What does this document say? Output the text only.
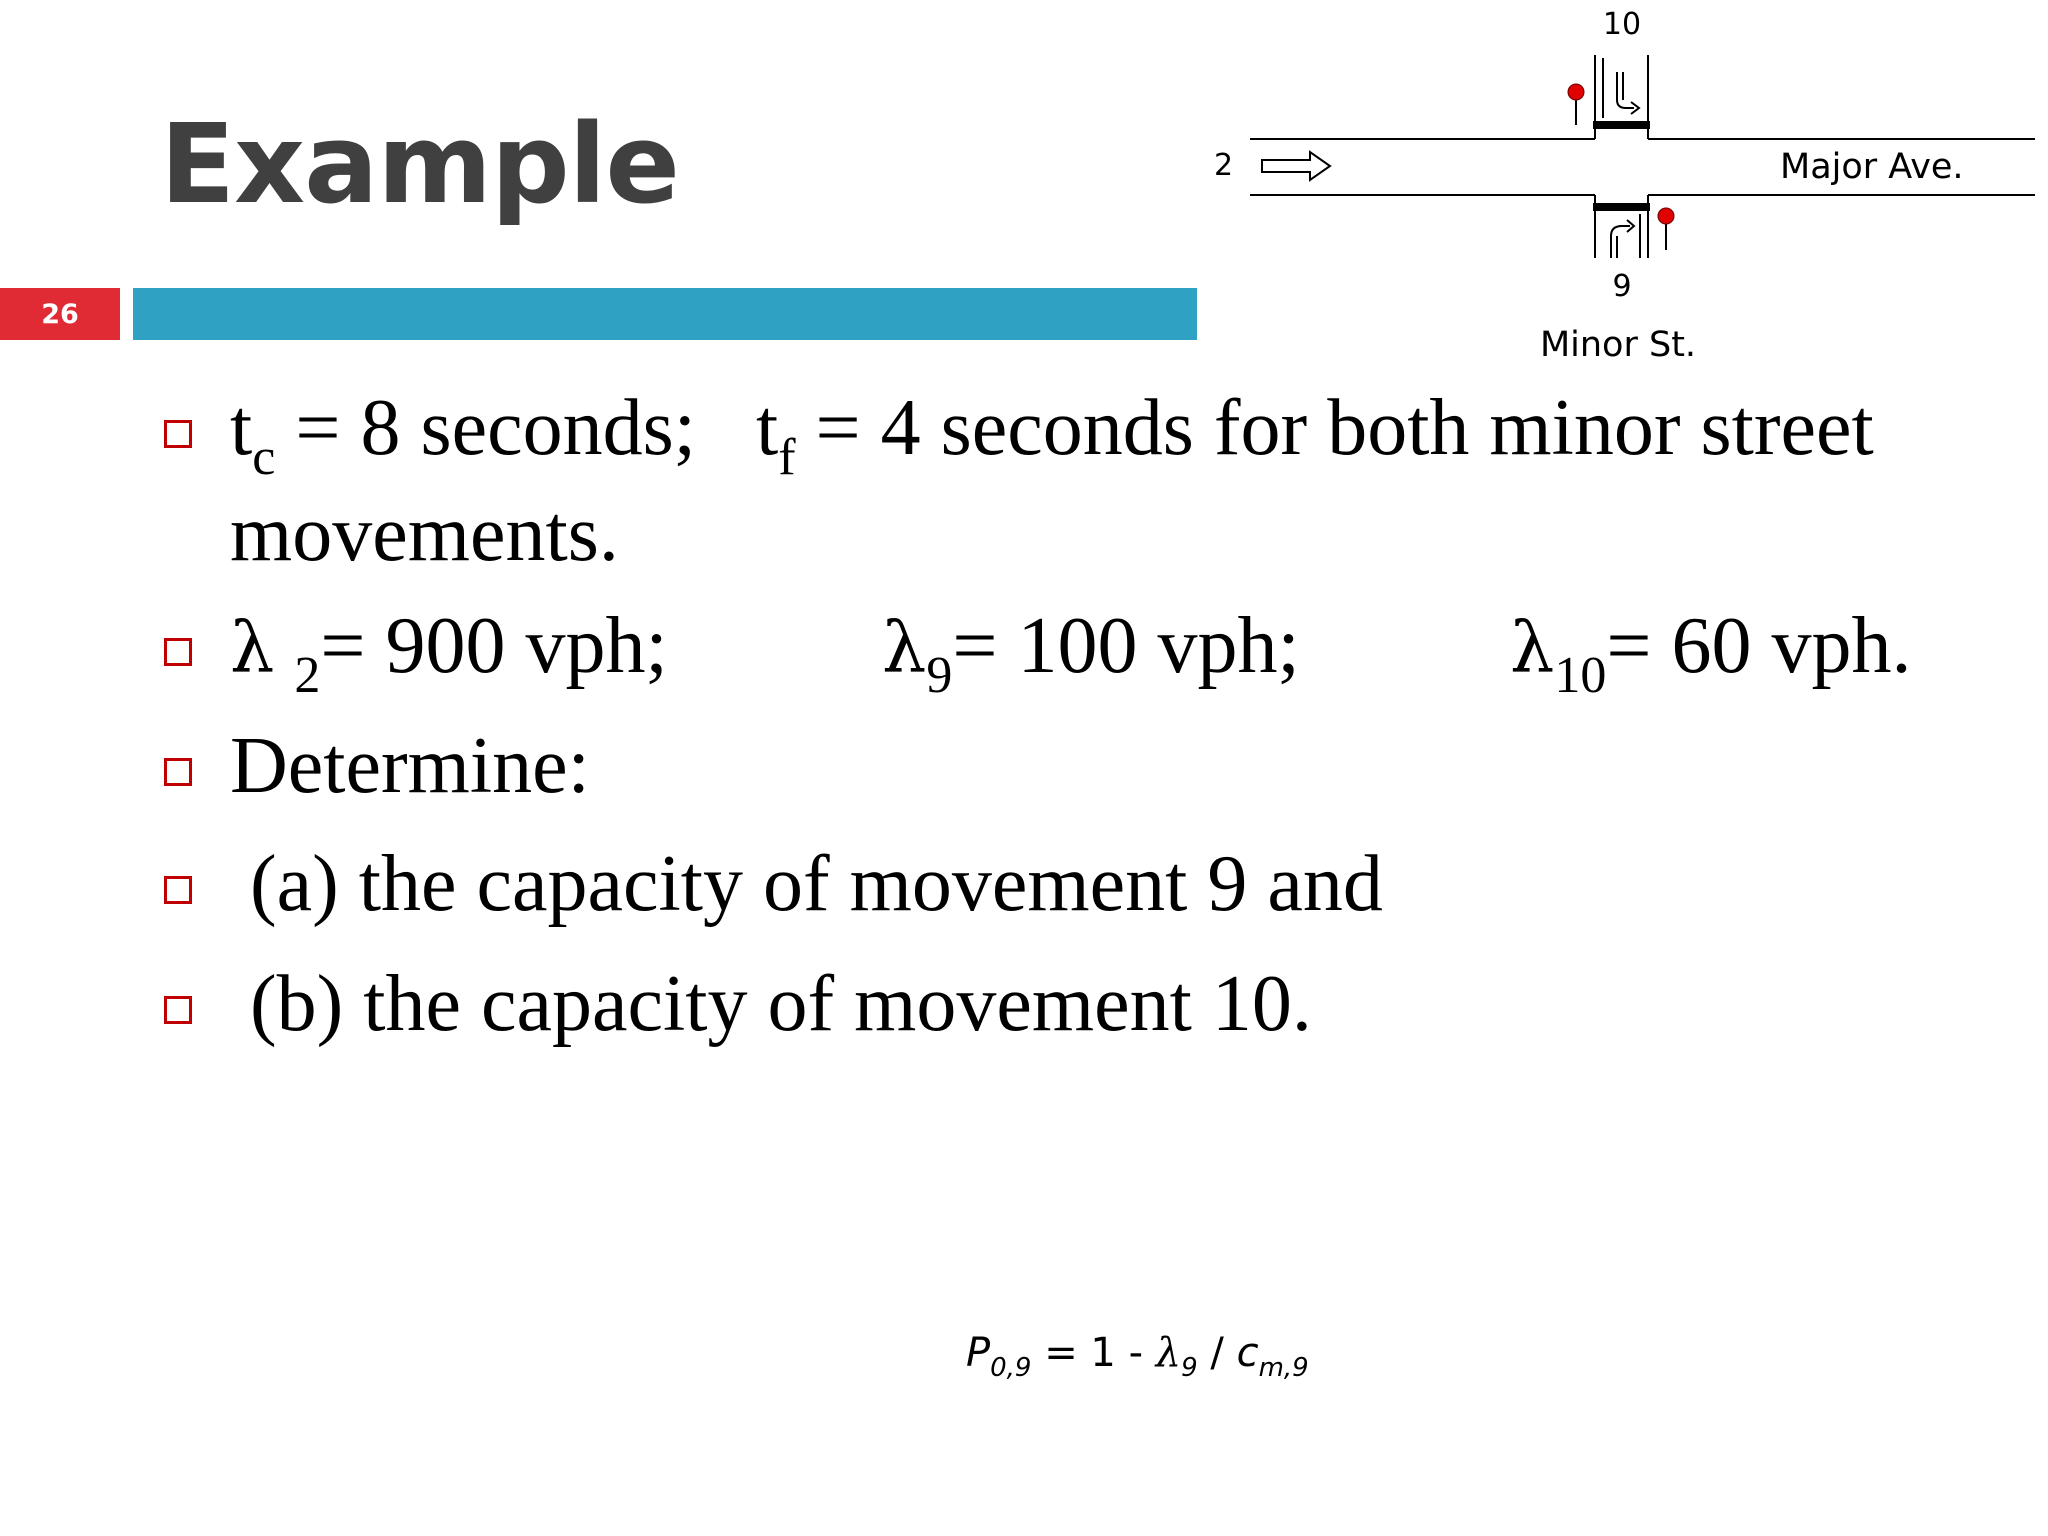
Example
26
10
2
9
Major Ave.
Minor St.
$t_c = 8$ seconds;   $t_f = 4$ seconds for both minor street
movements.
λ $_2$= 900 vph;	$\lambda_9= 100$ vph;	$\lambda_{10}= 60$ vph.
Determine:
(a) the capacity of movement 9 and
(b) the capacity of movement 10.
$P_{0,9} = 1 - \lambda_9 / c_{m,9}$
